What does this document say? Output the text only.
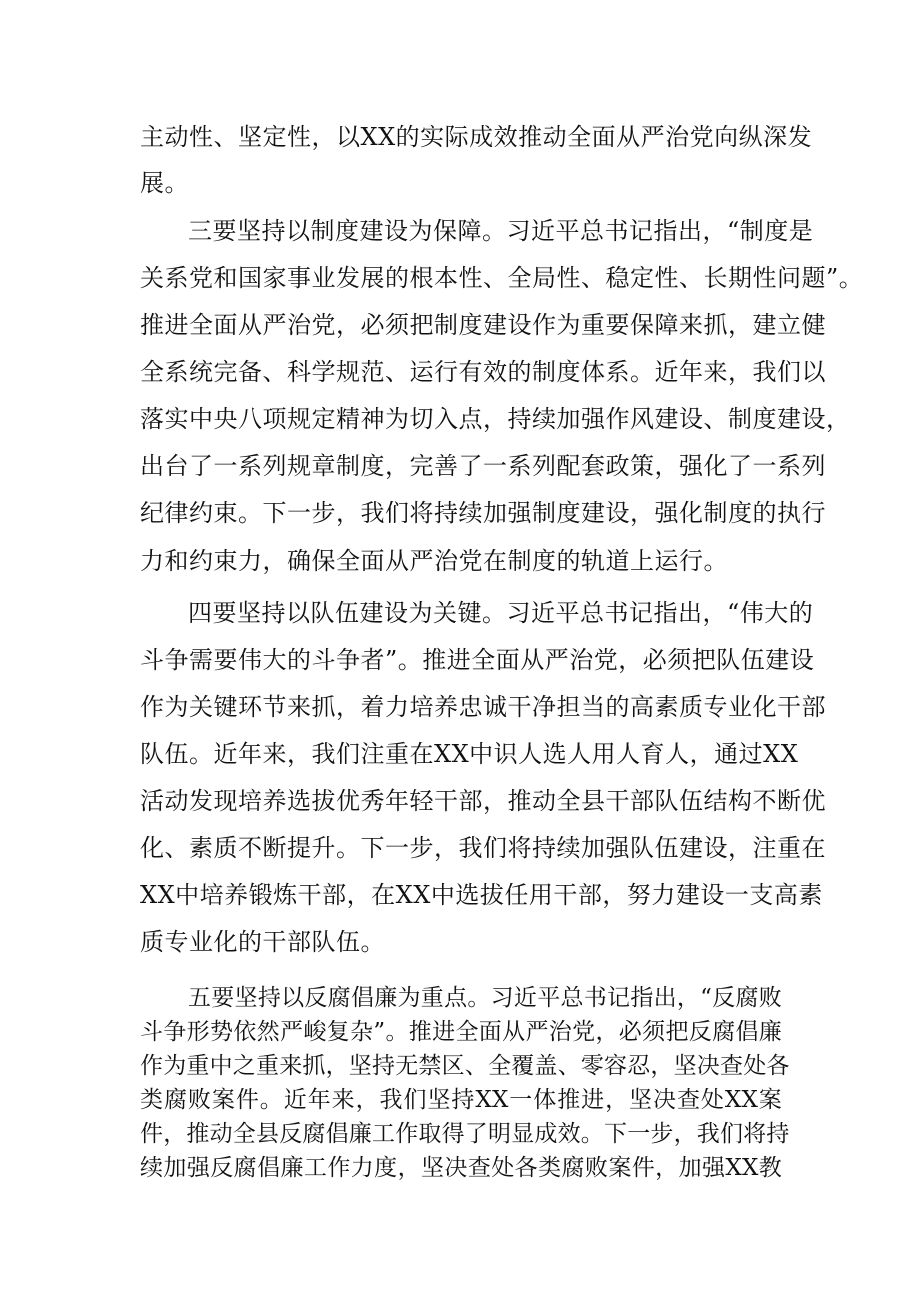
主动性、坚定性，以XX的实际成效推动全面从严治党向纵深发
展。
三要坚持以制度建设为保障。习近平总书记指出，“制度是
关系党和国家事业发展的根本性、全局性、稳定性、长期性问题”。
推进全面从严治党，必须把制度建设作为重要保障来抓，建立健
全系统完备、科学规范、运行有效的制度体系。近年来，我们以
落实中央八项规定精神为切入点，持续加强作风建设、制度建设，
出台了一系列规章制度，完善了一系列配套政策，强化了一系列
纪律约束。下一步，我们将持续加强制度建设，强化制度的执行
力和约束力，确保全面从严治党在制度的轨道上运行。
四要坚持以队伍建设为关键。习近平总书记指出，“伟大的
斗争需要伟大的斗争者”。推进全面从严治党，必须把队伍建设
作为关键环节来抓，着力培养忠诚干净担当的高素质专业化干部
队伍。近年来，我们注重在XX中识人选人用人育人，通过XX
活动发现培养选拔优秀年轻干部，推动全县干部队伍结构不断优
化、素质不断提升。下一步，我们将持续加强队伍建设，注重在
XX中培养锻炼干部，在XX中选拔任用干部，努力建设一支高素
质专业化的干部队伍。
五要坚持以反腐倡廉为重点。习近平总书记指出，“反腐败
斗争形势依然严峻复杂”。推进全面从严治党，必须把反腐倡廉
作为重中之重来抓，坚持无禁区、全覆盖、零容忍，坚决查处各
类腐败案件。近年来，我们坚持XX一体推进，坚决查处XX案
件，推动全县反腐倡廉工作取得了明显成效。下一步，我们将持
续加强反腐倡廉工作力度，坚决查处各类腐败案件，加强XX教
